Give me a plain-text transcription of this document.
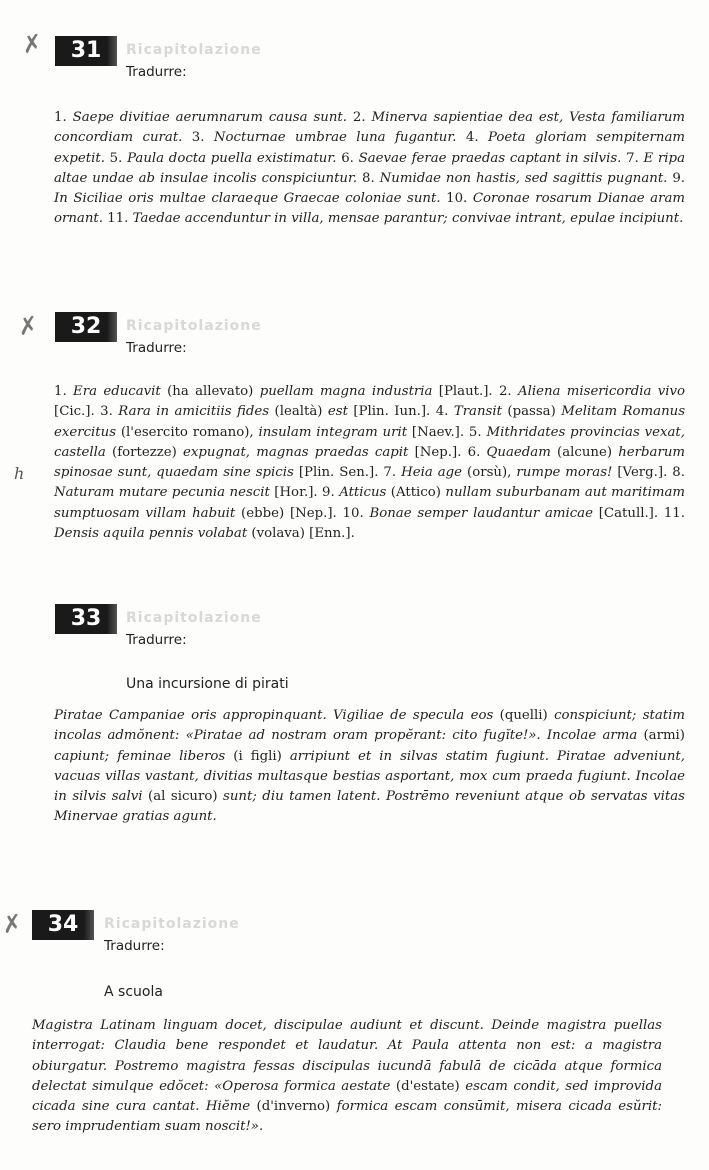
✗	31	Ricapitolazione
Tradurre:
1. Saepe divitiae aerumnarum causa sunt. 2. Minerva sapientiae dea est, Vesta familiarum concordiam curat. 3. Nocturnae umbrae luna fugantur. 4. Poeta gloriam sempiternam expetit. 5. Paula docta puella existimatur. 6. Saevae ferae praedas captant in silvis. 7. E ripa altae undae ab insulae incolis conspiciuntur. 8. Numidae non hastis, sed sagittis pugnant. 9. In Siciliae oris multae claraeque Graecae coloniae sunt. 10. Coronae rosarum Dianae aram ornant. 11. Taedae accenduntur in villa, mensae parantur; convivae intrant, epulae incipiunt.
✗	32	Ricapitolazione
Tradurre:
h
1. Era educavit (ha allevato) puellam magna industria [Plaut.]. 2. Aliena misericordia vivo [Cic.]. 3. Rara in amicitiis fides (lealtà) est [Plin. Iun.]. 4. Transit (passa) Melitam Romanus exercitus (l'esercito romano), insulam integram urit [Naev.]. 5. Mithridates provincias vexat, castella (fortezze) expugnat, magnas praedas capit [Nep.]. 6. Quaedam (alcune) herbarum spinosae sunt, quaedam sine spicis [Plin. Sen.]. 7. Heia age (orsù), rumpe moras! [Verg.]. 8. Naturam mutare pecunia nescit [Hor.]. 9. Atticus (Attico) nullam suburbanam aut maritimam sumptuosam villam habuit (ebbe) [Nep.]. 10. Bonae semper laudantur amicae [Catull.]. 11. Densis aquila pennis volabat (volava) [Enn.].
33	Ricapitolazione
Tradurre:
Una incursione di pirati
Piratae Campaniae oris appropinquant. Vigiliae de specula eos (quelli) conspiciunt; statim incolas admŏnent: «Piratae ad nostram oram propĕrant: cito fugĭte!». Incolae arma (armi) capiunt; feminae liberos (i figli) arripiunt et in silvas statim fugiunt. Piratae adveniunt, vacuas villas vastant, divitias multasque bestias asportant, mox cum praeda fugiunt. Incolae in silvis salvi (al sicuro) sunt; diu tamen latent. Postrēmo reveniunt atque ob servatas vitas Minervae gratias agunt.
✗	34	Ricapitolazione
Tradurre:
A scuola
Magistra Latinam linguam docet, discipulae audiunt et discunt. Deinde magistra puellas interrogat: Claudia bene respondet et laudatur. At Paula attenta non est: a magistra obiurgatur. Postremo magistra fessas discipulas iucundā fabulā de cicāda atque formica delectat simulque edŏcet: «Operosa formica aestate (d'estate) escam condit, sed improvida cicada sine cura cantat. Hiĕme (d'inverno) formica escam consūmit, misera cicada esŭrit: sero imprudentiam suam noscit!».
